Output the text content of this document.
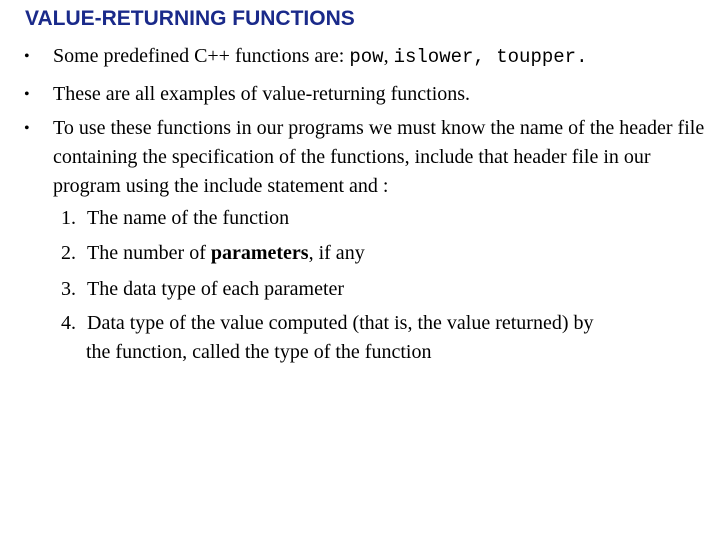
VALUE-RETURNING FUNCTIONS
• Some predefined C++ functions are: pow, islower, toupper.
• These are all examples of value-returning functions.
• To use these functions in our programs we must know the name of the header file containing the specification of the functions, include that header file in our program using the include statement and :
1. The name of the function
2. The number of parameters, if any
3. The data type of each parameter
4. Data type of the value computed (that is, the value returned) by
the function, called the type of the function
